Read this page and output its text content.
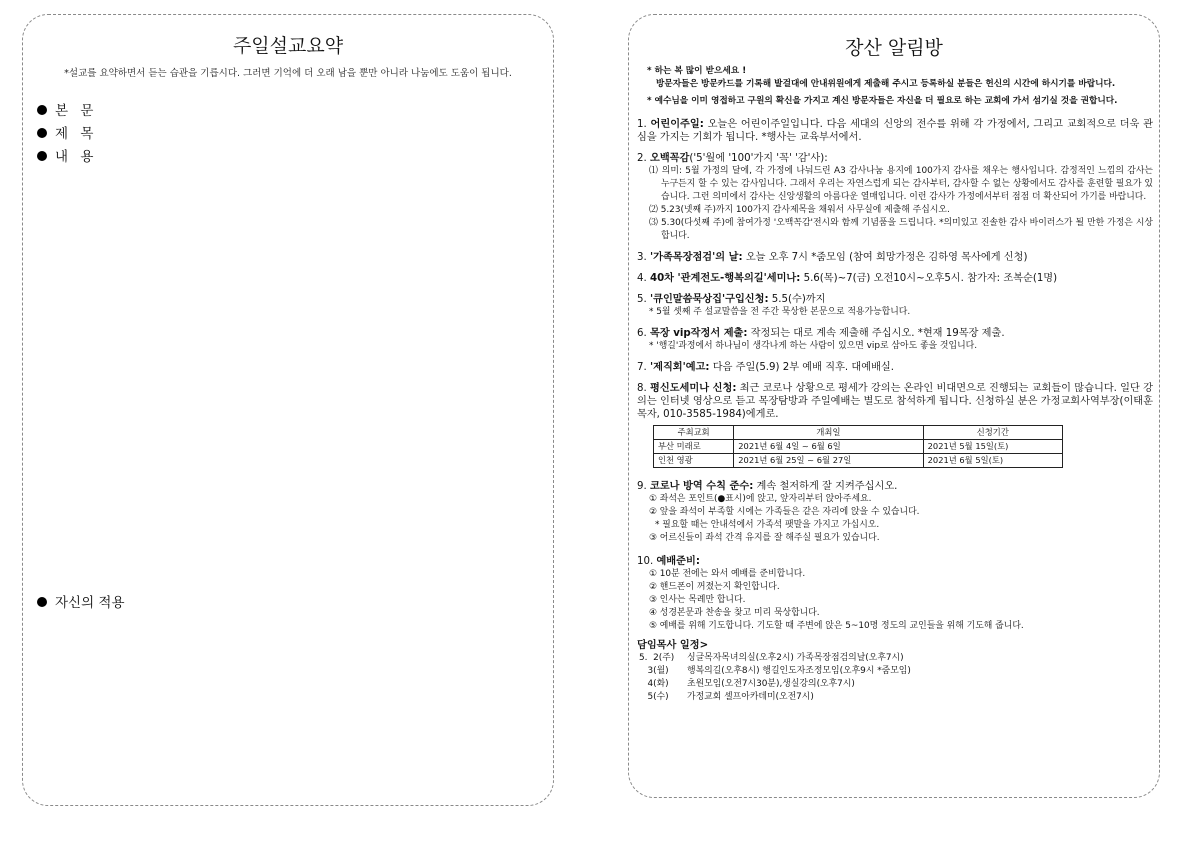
주일설교요약
*설교를 요약하면서 듣는 습관을 기릅시다. 그러면 기억에 더 오래 남을 뿐만 아니라 나눔에도 도움이 됩니다.
본 문
제 목
내 용
자신의 적용
장산 알림방
* 하는 복 많이 받으세요 !
방문자들은 방문카드를 기록해 발걸대에 안내위원에게 제출해 주시고 등록하실 분들은 헌신의 시간에 하시기를 바랍니다.
* 예수님을 이미 영접하고 구원의 확신을 가지고 계신 방문자들은 자신을 더 필요로 하는 교회에 가서 섬기실 것을 권합니다.
1. 어린이주일: 오늘은 어린이주일입니다. 다음 세대의 신앙의 전수를 위해 각 가정에서, 그리고 교회적으로 더욱 관심을 가지는 기회가 됩니다. *행사는 교육부서에서.
2. 오백꼭감('5'월에 '100'가지 '꼭' '감'사):
⑴ 의미: 5월 가정의 달에, 각 가정에 나눠드린 A3 감사나눔 용지에 100가지 감사를 채우는 행사입니다. 감정적인 느낌의 감사는 누구든지 할 수 있는 감사입니다. 그래서 우리는 자연스럽게 되는 감사부터, 감사할 수 없는 상황에서도 감사를 훈련할 필요가 있습니다. 그런 의미에서 감사는 신앙생활의 아름다운 열매입니다. 이런 감사가 가정에서부터 점점 더 확산되어 가기를 바랍니다.
⑵ 5.23(넷째 주)까지 100가지 감사제목을 채워서 사무실에 제출해 주십시오.
⑶ 5.30(다섯째 주)에 참여가정 '오백꼭감'전시와 함께 기념품을 드립니다. *의미있고 진솔한 감사 바이러스가 될 만한 가정은 시상합니다.
3. '가족목장점검'의 날: 오늘 오후 7시 *줌모임 (참여 희망가정은 김하영 목사에게 신청)
4. 40차 '관계전도-행복의길'세미나: 5.6(목)~7(금) 오전10시~오후5시. 참가자: 조복순(1명)
5. '큐인말씀묵상집'구입신청: 5.5(수)까지
* 5월 셋째 주 설교말씀을 전 주간 묵상한 본문으로 적용가능합니다.
6. 목장 vip작정서 제출: 작정되는 대로 계속 제출해 주십시오. *현재 19목장 제출.
* '행길'과정에서 하나님이 생각나게 하는 사람이 있으면 vip로 삼아도 좋을 것입니다.
7. '제직회'예고: 다음 주일(5.9) 2부 예배 직후. 대예배실.
8. 평신도세미나 신청: 최근 코로나 상황으로 평세가 강의는 온라인 비대면으로 진행되는 교회들이 많습니다. 일단 강의는 인터넷 영상으로 듣고 목장탐방과 주일예배는 별도로 참석하게 됩니다. 신청하실 분은 가정교회사역부장(이태훈 목자, 010-3585-1984)에게로.
주최교회	개최일	신청기간
부산 미래로	2021년 6월 4일 ~ 6월 6일	2021년 5월 15일(토)
인천 영광	2021년 6월 25일 ~ 6월 27일	2021년 6월 5일(토)
9. 코로나 방역 수칙 준수: 계속 철저하게 잘 지켜주십시오.
① 좌석은 포인트(●표시)에 앉고, 앞자리부터 앉아주세요.
② 앞을 좌석이 부족할 시에는 가족들은 같은 자리에 앉을 수 있습니다.
* 필요할 때는 안내석에서 가족석 팻말을 가지고 가십시오.
③ 어르신들이 좌석 간격 유지를 잘 해주실 필요가 있습니다.
10. 예배준비:
① 10분 전에는 와서 예배를 준비합니다.
② 핸드폰이 꺼졌는지 확인합니다.
③ 인사는 목례만 합니다.
④ 성경본문과 찬송을 찾고 미리 묵상합니다.
⑤ 예배를 위해 기도합니다. 기도할 때 주변에 앉은 5~10명 정도의 교인들을 위해 기도해 줍니다.
담임목사 일정>
5.  2(주)	싱글목자목녀의실(오후2시) 가족목장점검의날(오후7시)
3(월)	행복의길(오후8시) 행길인도자조정모임(오후9시 *줌모임)
4(화)	초원모임(오전7시30분),생실강의(오후7시)
5(수)	가정교회 셀프아카데미(오전7시)
